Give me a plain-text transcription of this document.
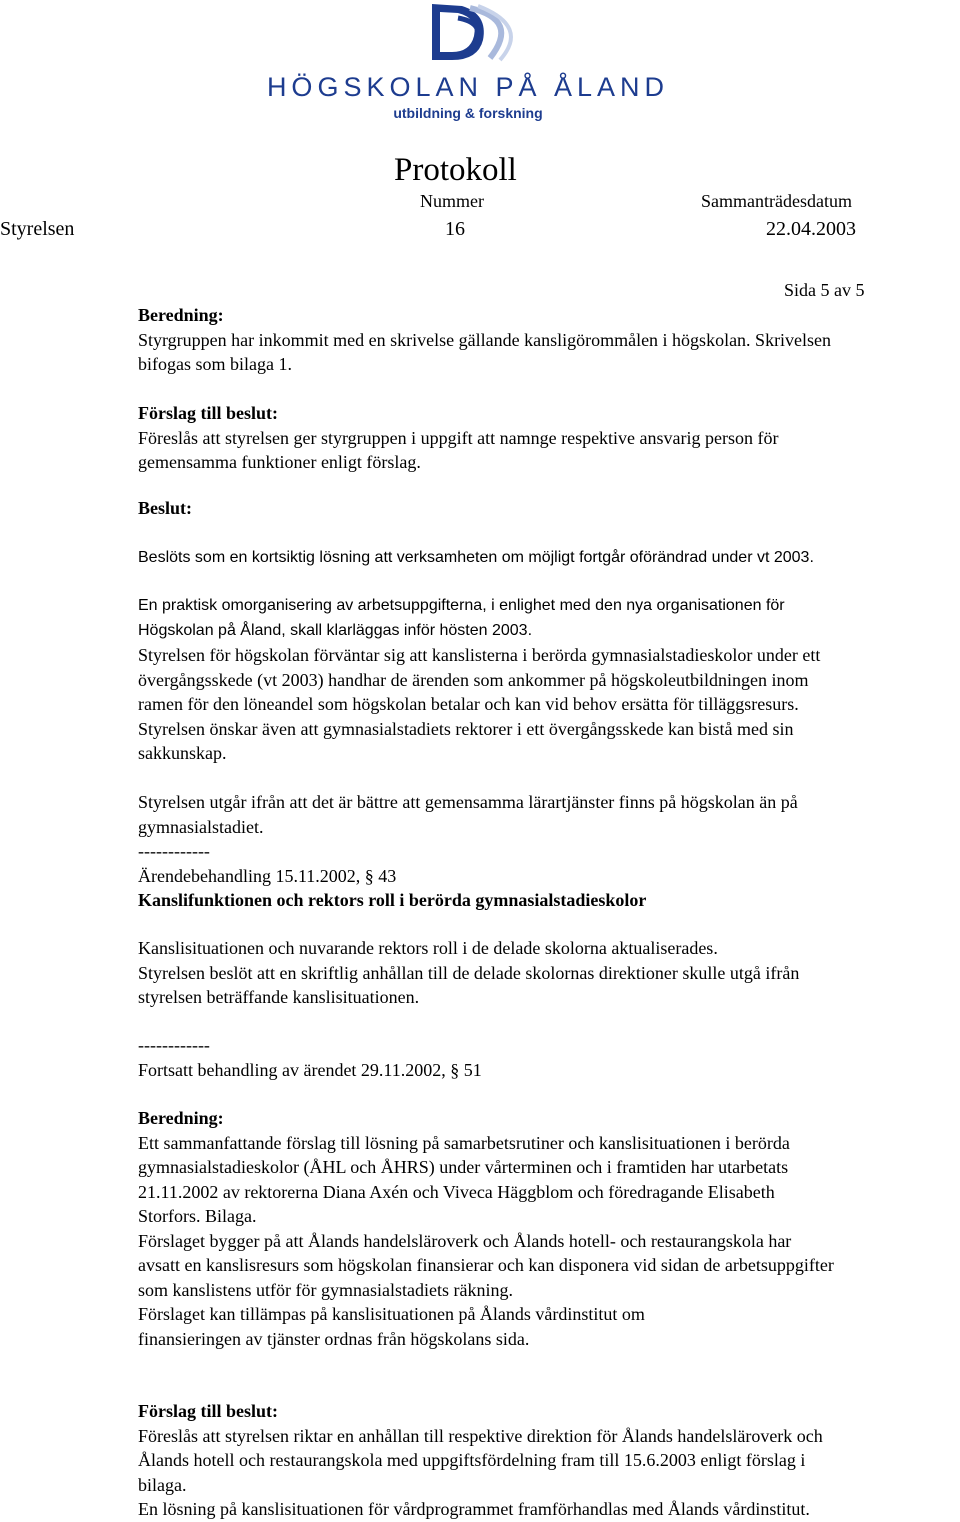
HÖGSKOLAN PÅ ÅLAND
utbildning & forskning
Protokoll
Nummer	Sammanträdesdatum
Styrelsen	16	22.04.2003
Sida 5 av 5
Beredning:
Styrgruppen har inkommit med en skrivelse gällande kansligörommålen i högskolan. Skrivelsen
bifogas som bilaga 1.
Förslag till beslut:
Föreslås att styrelsen ger styrgruppen i uppgift att namnge respektive ansvarig person för
gemensamma funktioner enligt förslag.
Beslut:
Beslöts som en kortsiktig lösning att verksamheten om möjligt fortgår oförändrad under vt 2003.
En praktisk omorganisering av arbetsuppgifterna, i enlighet med den nya organisationen för
Högskolan på Åland, skall klarläggas inför hösten 2003.
Styrelsen för högskolan förväntar sig att kanslisterna i berörda gymnasialstadieskolor under ett
övergångsskede (vt 2003) handhar de ärenden som ankommer på högskoleutbildningen inom
ramen för den löneandel som högskolan betalar och kan vid behov ersätta för tilläggsresurs.
Styrelsen önskar även att gymnasialstadiets rektorer i ett övergångsskede kan bistå med sin
sakkunskap.
Styrelsen utgår ifrån att det är bättre att gemensamma lärartjänster finns på högskolan än på
gymnasialstadiet.
------------
Ärendebehandling 15.11.2002, § 43
Kanslifunktionen och rektors roll i berörda gymnasialstadieskolor
Kanslisituationen och nuvarande rektors roll i de delade skolorna aktualiserades.
Styrelsen beslöt att en skriftlig anhållan till de delade skolornas direktioner skulle utgå ifrån
styrelsen beträffande kanslisituationen.
------------
Fortsatt behandling av ärendet 29.11.2002, § 51
Beredning:
Ett sammanfattande förslag till lösning på samarbetsrutiner och kanslisituationen i berörda
gymnasialstadieskolor (ÅHL och ÅHRS) under vårterminen och i framtiden har utarbetats
21.11.2002 av rektorerna Diana Axén och Viveca Häggblom och föredragande Elisabeth
Storfors. Bilaga.
Förslaget bygger på att Ålands handelsläroverk och Ålands hotell- och restaurangskola har
avsatt en kanslisresurs som högskolan finansierar och kan disponera vid sidan de arbetsuppgifter
som kanslistens utför för gymnasialstadiets räkning.
Förslaget kan tillämpas på kanslisituationen på Ålands vårdinstitut om
finansieringen av tjänster ordnas från högskolans sida.
Förslag till beslut:
Föreslås att styrelsen riktar en anhållan till respektive direktion för Ålands handelsläroverk och
Ålands hotell och restaurangskola med uppgiftsfördelning fram till 15.6.2003 enligt förslag i
bilaga.
En lösning på kanslisituationen för vårdprogrammet framförhandlas med Ålands vårdinstitut.
